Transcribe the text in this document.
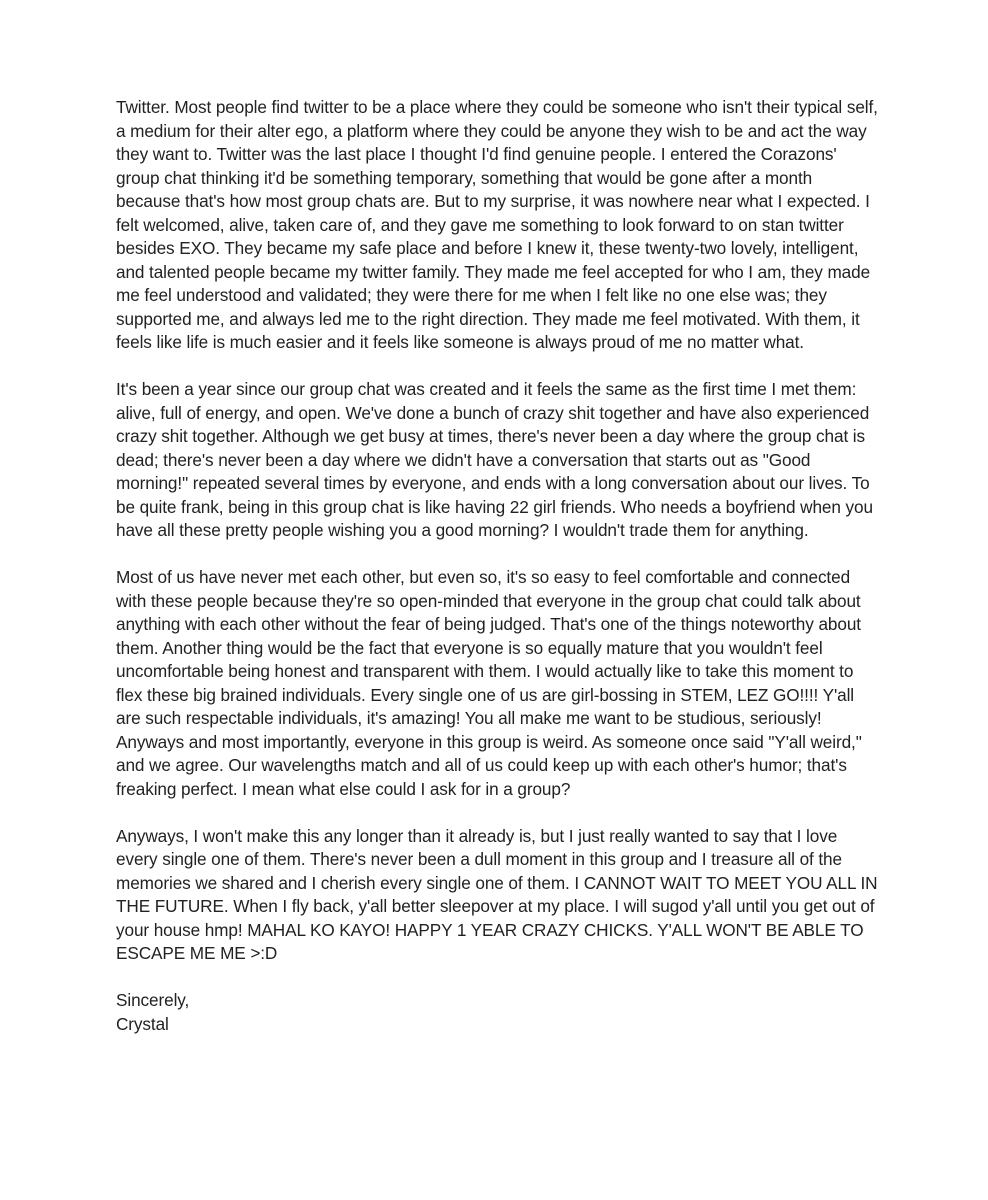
Twitter. Most people find twitter to be a place where they could be someone who isn't their typical self, a medium for their alter ego, a platform where they could be anyone they wish to be and act the way they want to. Twitter was the last place I thought I'd find genuine people. I entered the Corazons' group chat thinking it'd be something temporary, something that would be gone after a month because that's how most group chats are. But to my surprise, it was nowhere near what I expected. I felt welcomed, alive, taken care of, and they gave me something to look forward to on stan twitter besides EXO. They became my safe place and before I knew it, these twenty-two lovely, intelligent, and talented people became my twitter family. They made me feel accepted for who I am, they made me feel understood and validated; they were there for me when I felt like no one else was; they supported me, and always led me to the right direction. They made me feel motivated. With them, it feels like life is much easier and it feels like someone is always proud of me no matter what.

It's been a year since our group chat was created and it feels the same as the first time I met them: alive, full of energy, and open. We've done a bunch of crazy shit together and have also experienced crazy shit together. Although we get busy at times, there's never been a day where the group chat is dead; there's never been a day where we didn't have a conversation that starts out as "Good morning!" repeated several times by everyone, and ends with a long conversation about our lives. To be quite frank, being in this group chat is like having 22 girl friends. Who needs a boyfriend when you have all these pretty people wishing you a good morning? I wouldn't trade them for anything.

Most of us have never met each other, but even so, it's so easy to feel comfortable and connected with these people because they're so open-minded that everyone in the group chat could talk about anything with each other without the fear of being judged. That's one of the things noteworthy about them. Another thing would be the fact that everyone is so equally mature that you wouldn't feel uncomfortable being honest and transparent with them. I would actually like to take this moment to flex these big brained individuals. Every single one of us are girl-bossing in STEM, LEZ GO!!!! Y'all are such respectable individuals, it's amazing! You all make me want to be studious, seriously! Anyways and most importantly, everyone in this group is weird. As someone once said "Y'all weird," and we agree. Our wavelengths match and all of us could keep up with each other's humor; that's freaking perfect. I mean what else could I ask for in a group?

Anyways, I won't make this any longer than it already is, but I just really wanted to say that I love every single one of them. There's never been a dull moment in this group and I treasure all of the memories we shared and I cherish every single one of them. I CANNOT WAIT TO MEET YOU ALL IN THE FUTURE. When I fly back, y'all better sleepover at my place. I will sugod y'all until you get out of your house hmp! MAHAL KO KAYO! HAPPY 1 YEAR CRAZY CHICKS. Y'ALL WON'T BE ABLE TO ESCAPE ME ME >:D

Sincerely,
Crystal
